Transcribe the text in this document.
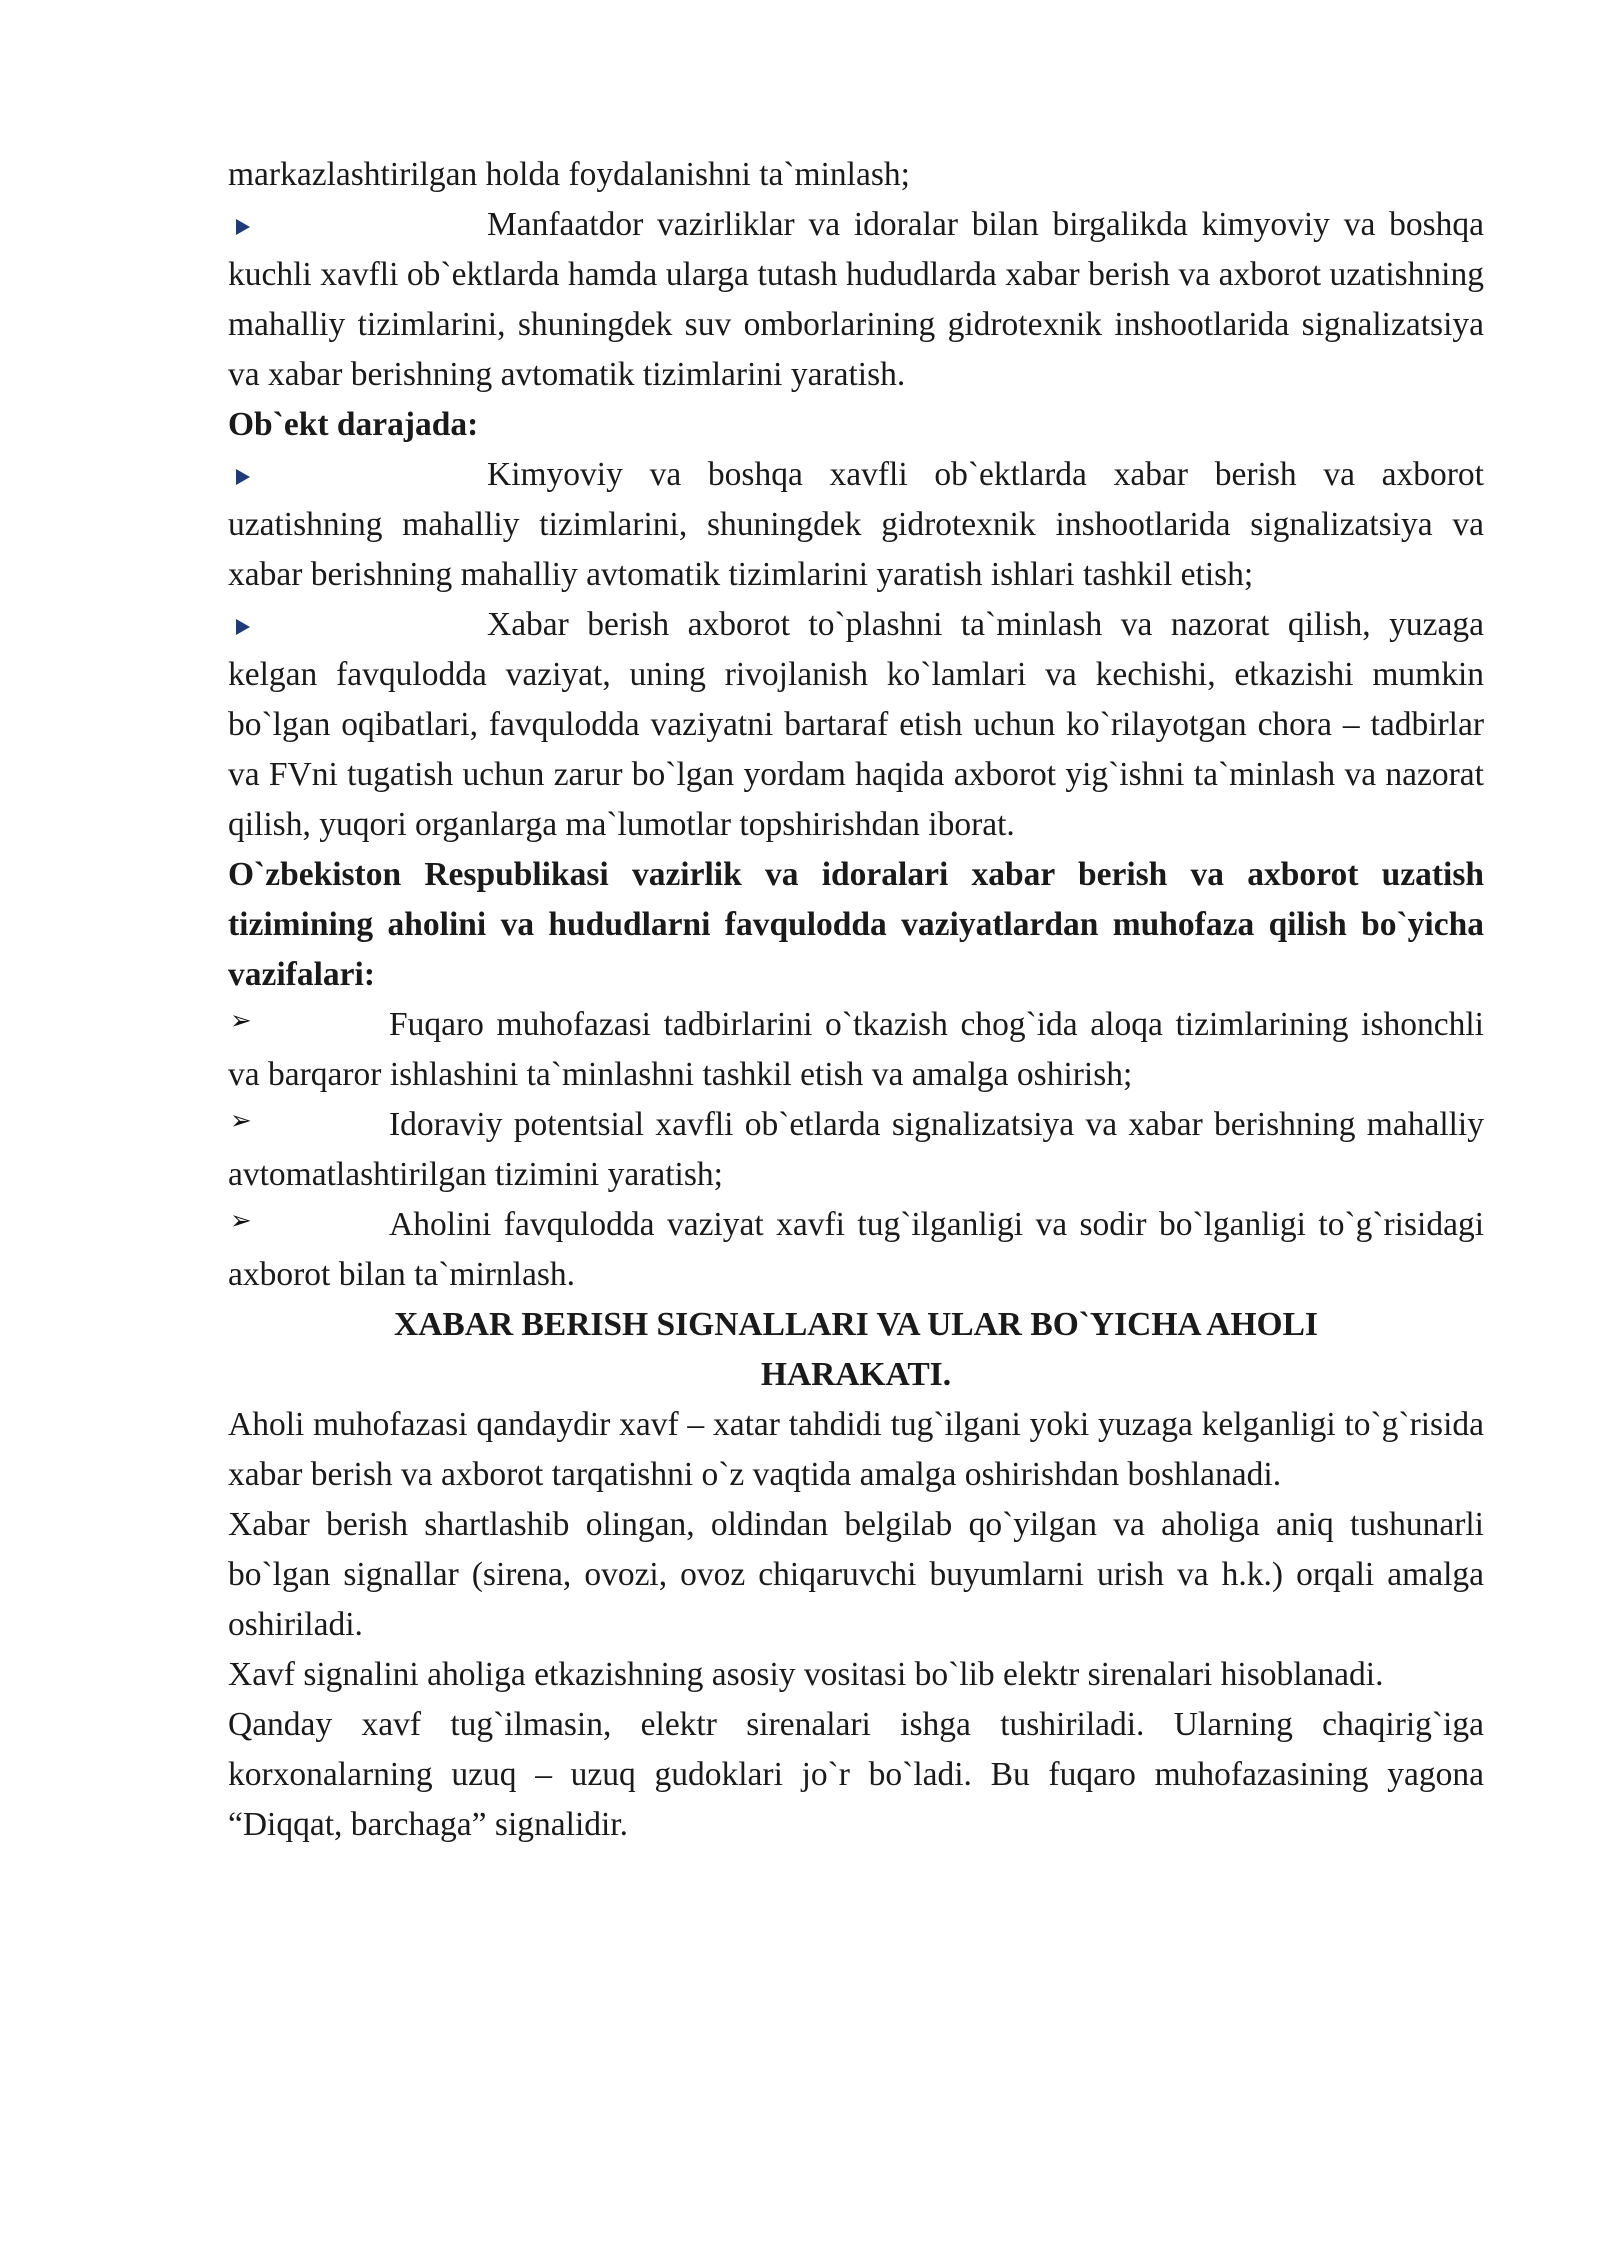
markazlashtirilgan holda foydalanishni ta`minlash;

Manfaatdor vazirliklar va idoralar bilan birgalikda kimyoviy va boshqa kuchli xavfli ob`ektlarda hamda ularga tutash hududlarda xabar berish va axborot uzatishning mahalliy tizimlarini, shuningdek suv omborlarining gidrotexnik inshootlarida signalizatsiya va xabar berishning avtomatik tizimlarini yaratish.

Ob`ekt darajada:

Kimyoviy va boshqa xavfli ob`ektlarda xabar berish va axborot uzatishning mahalliy tizimlarini, shuningdek gidrotexnik inshootlarida signalizatsiya va xabar berishning mahalliy avtomatik tizimlarini yaratish ishlari tashkil etish;

Xabar berish axborot to`plashni ta`minlash va nazorat qilish, yuzaga kelgan favqulodda vaziyat, uning rivojlanish ko`lamlari va kechishi, etkazishi mumkin bo`lgan oqibatlari, favqulodda vaziyatni bartaraf etish uchun ko`rilayotgan chora – tadbirlar va FVni tugatish uchun zarur bo`lgan yordam haqida axborot yig`ishni ta`minlash va nazorat qilish, yuqori organlarga ma`lumotlar topshirishdan iborat.

O`zbekiston Respublikasi vazirlik va idoralari xabar berish va axborot uzatish tizimining aholini va hududlarni favqulodda vaziyatlardan muhofaza qilish bo`yicha vazifalari:

➢	Fuqaro muhofazasi tadbirlarini o`tkazish chog`ida aloqa tizimlarining ishonchli va barqaror ishlashini ta`minlashni tashkil etish va amalga oshirish;

➢	Idoraviy potentsial xavfli ob`etlarda signalizatsiya va xabar berishning mahalliy avtomatlashtirilgan tizimini yaratish;

➢	Aholini favqulodda vaziyat xavfi tug`ilganligi va sodir bo`lganligi to`g`risidagi axborot bilan ta`mirnlash.

XABAR BERISH SIGNALLARI VA ULAR BO`YICHA AHOLI

HARAKATI.

Aholi muhofazasi qandaydir xavf – xatar tahdidi tug`ilgani yoki yuzaga kelganligi to`g`risida xabar berish va axborot tarqatishni o`z vaqtida amalga oshirishdan boshlanadi.

Xabar berish shartlashib olingan, oldindan belgilab qo`yilgan va aholiga aniq tushunarli bo`lgan signallar (sirena, ovozi, ovoz chiqaruvchi buyumlarni urish va h.k.) orqali amalga oshiriladi.

Xavf signalini aholiga etkazishning asosiy vositasi bo`lib elektr sirenalari hisoblanadi.

Qanday xavf tug`ilmasin, elektr sirenalari ishga tushiriladi. Ularning chaqirig`iga korxonalarning uzuq – uzuq gudoklari jo`r bo`ladi. Bu fuqaro muhofazasining yagona “Diqqat, barchaga” signalidir.
